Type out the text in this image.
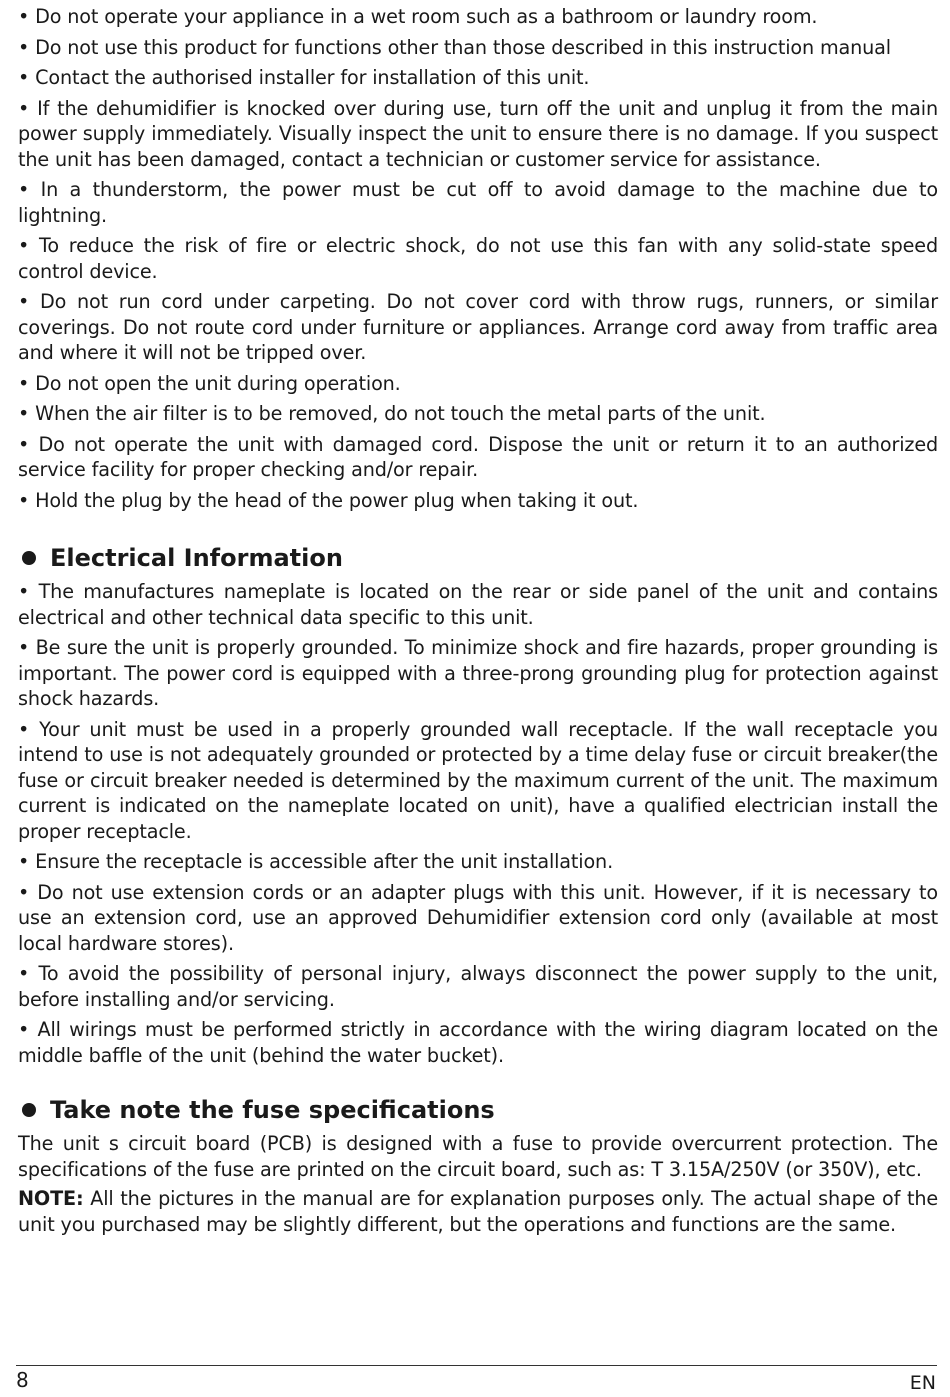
• Do not operate your appliance in a wet room such as a bathroom or laundry room.

• Do not use this product for functions other than those described in this instruction manual

• Contact the authorised installer for installation of this unit.

• If the dehumidifier is knocked over during use, turn off the unit and unplug it from the main power supply immediately. Visually inspect the unit to ensure there is no damage. If you suspect the unit has been damaged, contact a technician or customer service for assistance.

• In a thunderstorm, the power must be cut off to avoid damage to the machine due to lightning.

• To reduce the risk of fire or electric shock, do not use this fan with any solid-state speed control device.

• Do not run cord under carpeting. Do not cover cord with throw rugs, runners, or similar coverings. Do not route cord under furniture or appliances. Arrange cord away from traffic area and where it will not be tripped over.

• Do not open the unit during operation.

• When the air filter is to be removed, do not touch the metal parts of the unit.

• Do not operate the unit with damaged cord. Dispose the unit or return it to an authorized service facility for proper checking and/or repair.

• Hold the plug by the head of the power plug when taking it out.

Electrical Information

• The manufactures nameplate is located on the rear or side panel of the unit and contains electrical and other technical data specific to this unit.

• Be sure the unit is properly grounded. To minimize shock and fire hazards, proper grounding is important. The power cord is equipped with a three-prong grounding plug for protection against shock hazards.

• Your unit must be used in a properly grounded wall receptacle. If the wall receptacle you intend to use is not adequately grounded or protected by a time delay fuse or circuit breaker(the fuse or circuit breaker needed is determined by the maximum current of the unit. The maximum current is indicated on the nameplate located on unit), have a qualified electrician install the proper receptacle.

• Ensure the receptacle is accessible after the unit installation.

• Do not use extension cords or an adapter plugs with this unit. However, if it is necessary to use an extension cord, use an approved Dehumidifier extension cord only (available at most local hardware stores).

• To avoid the possibility of personal injury, always disconnect the power supply to the unit, before installing and/or servicing.

• All wirings must be performed strictly in accordance with the wiring diagram located on the middle baffle of the unit (behind the water bucket).

Take note the fuse specifications

The unit s circuit board (PCB) is designed with a fuse to provide overcurrent protection. The specifications of the fuse are printed on the circuit board, such as: T 3.15A/250V (or 350V), etc.

NOTE: All the pictures in the manual are for explanation purposes only. The actual shape of the unit you purchased may be slightly different, but the operations and functions are the same.

8	EN
